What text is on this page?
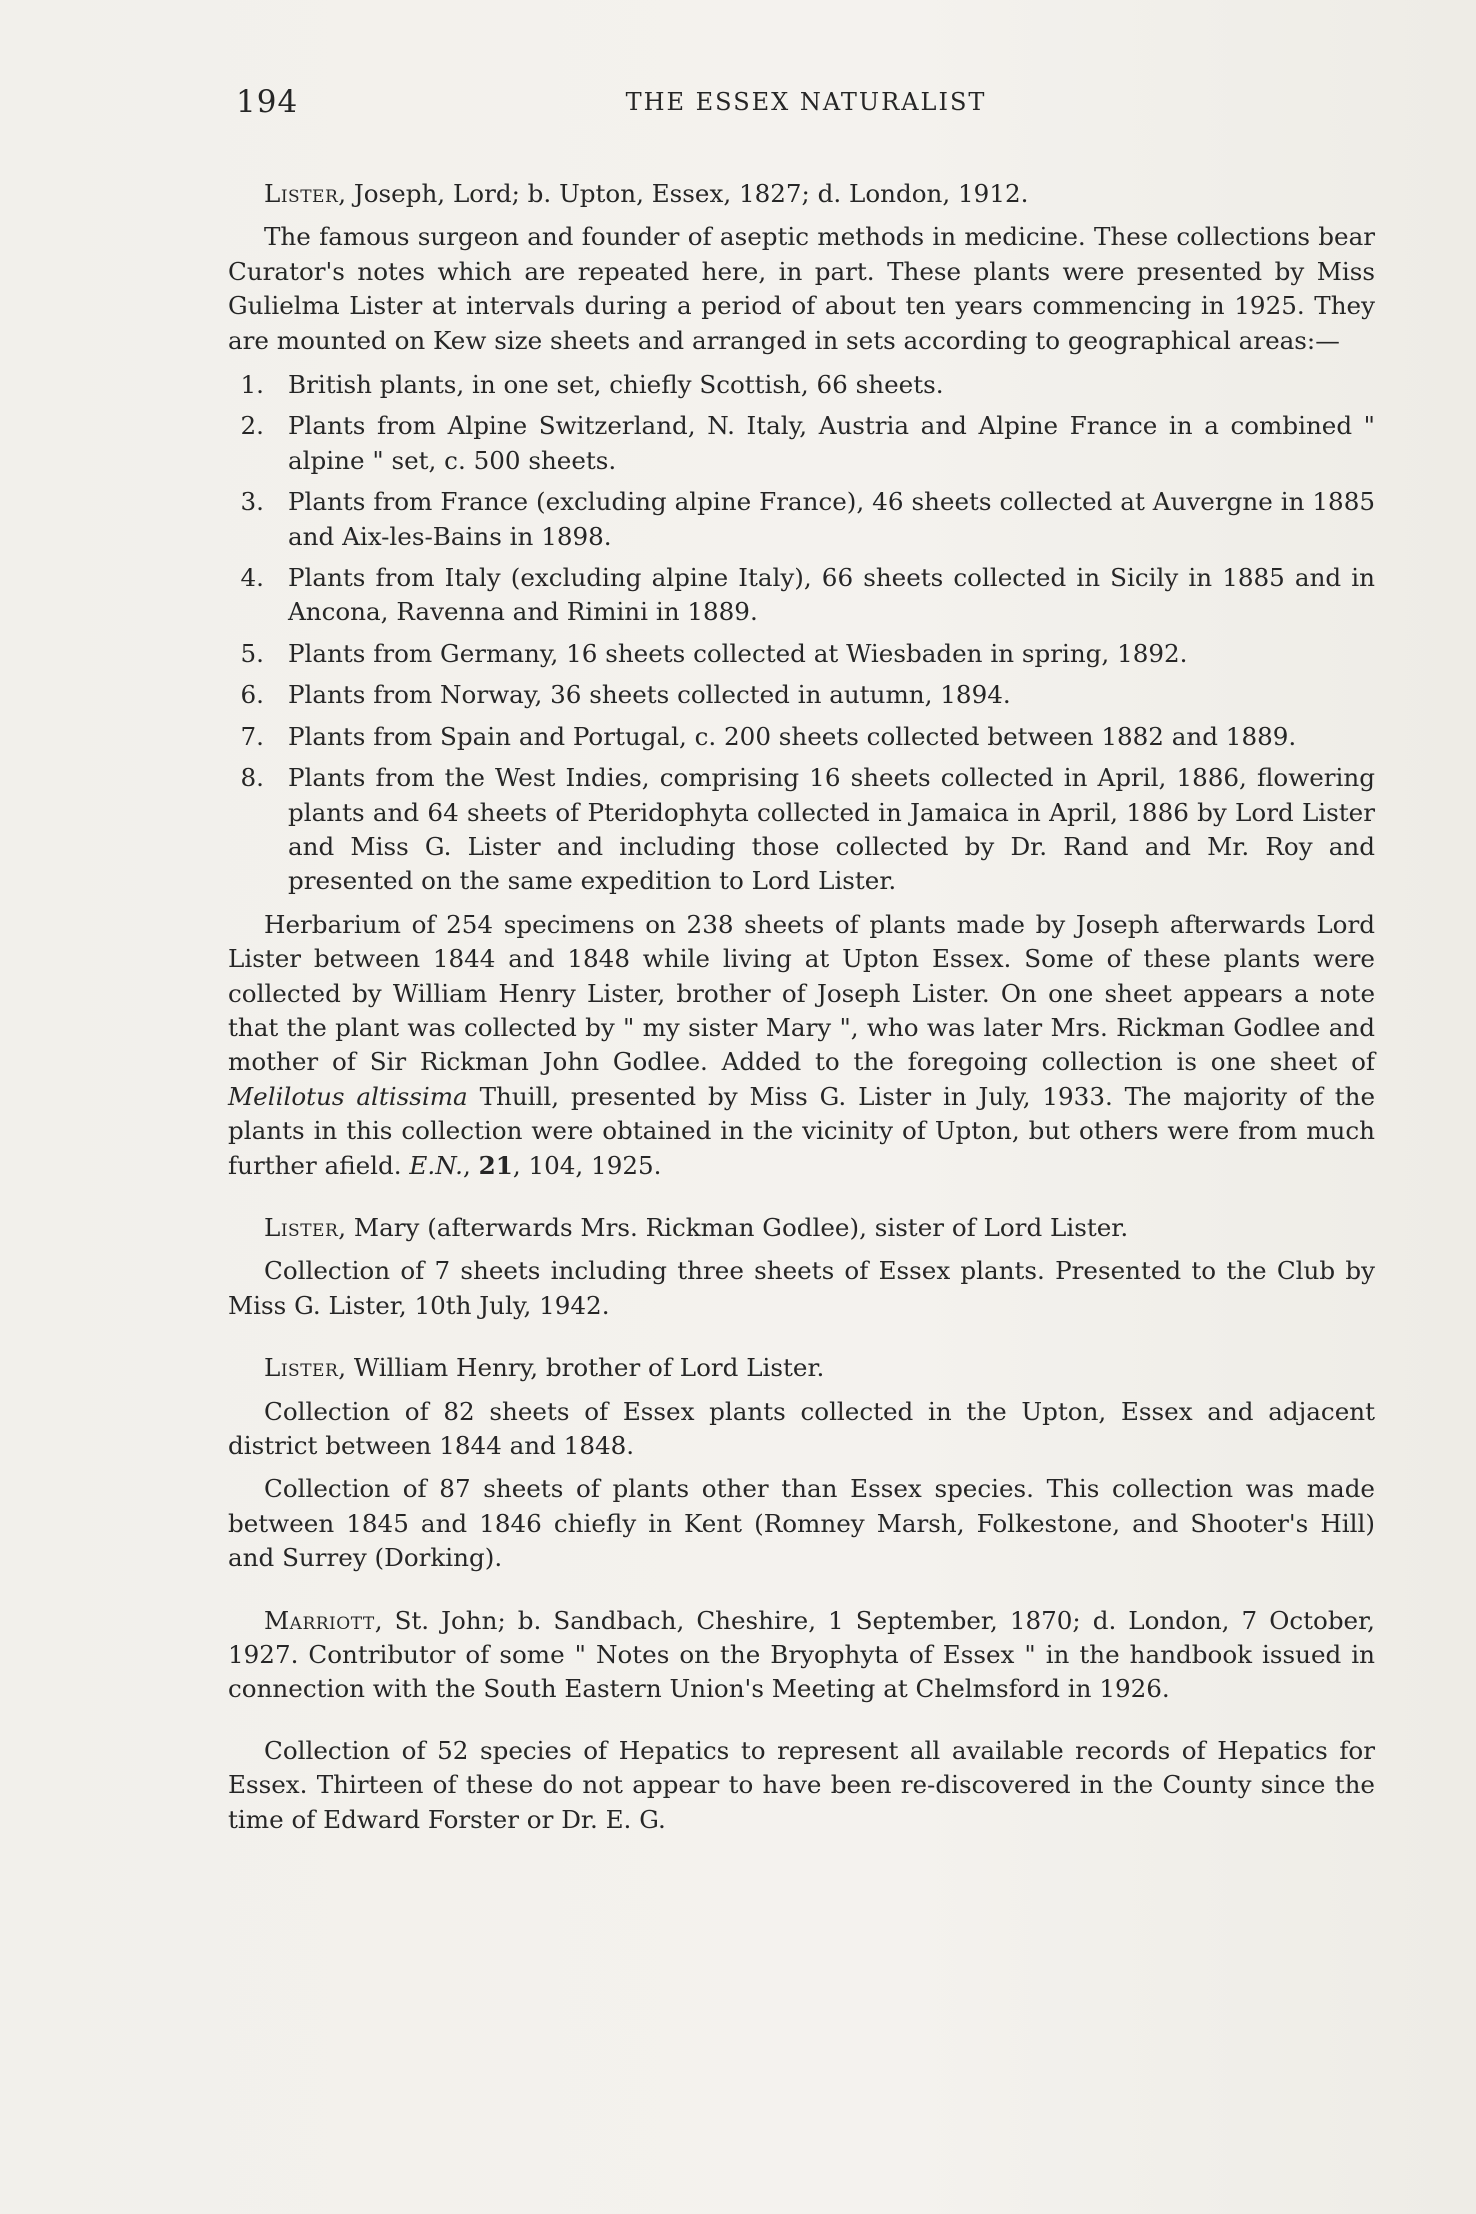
194	THE ESSEX NATURALIST

Lister, Joseph, Lord; b. Upton, Essex, 1827; d. London, 1912.

The famous surgeon and founder of aseptic methods in medicine. These collections bear Curator's notes which are repeated here, in part. These plants were presented by Miss Gulielma Lister at intervals during a period of about ten years commencing in 1925. They are mounted on Kew size sheets and arranged in sets according to geographical areas:—

1. British plants, in one set, chiefly Scottish, 66 sheets.
2. Plants from Alpine Switzerland, N. Italy, Austria and Alpine France in a combined " alpine " set, c. 500 sheets.
3. Plants from France (excluding alpine France), 46 sheets collected at Auvergne in 1885 and Aix-les-Bains in 1898.
4. Plants from Italy (excluding alpine Italy), 66 sheets collected in Sicily in 1885 and in Ancona, Ravenna and Rimini in 1889.
5. Plants from Germany, 16 sheets collected at Wiesbaden in spring, 1892.
6. Plants from Norway, 36 sheets collected in autumn, 1894.
7. Plants from Spain and Portugal, c. 200 sheets collected between 1882 and 1889.
8. Plants from the West Indies, comprising 16 sheets collected in April, 1886, flowering plants and 64 sheets of Pteridophyta collected in Jamaica in April, 1886 by Lord Lister and Miss G. Lister and including those collected by Dr. Rand and Mr. Roy and presented on the same expedition to Lord Lister.

Herbarium of 254 specimens on 238 sheets of plants made by Joseph afterwards Lord Lister between 1844 and 1848 while living at Upton Essex. Some of these plants were collected by William Henry Lister, brother of Joseph Lister. On one sheet appears a note that the plant was collected by " my sister Mary ", who was later Mrs. Rickman Godlee and mother of Sir Rickman John Godlee. Added to the foregoing collection is one sheet of Melilotus altissima Thuill, presented by Miss G. Lister in July, 1933. The majority of the plants in this collection were obtained in the vicinity of Upton, but others were from much further afield. E.N., 21, 104, 1925.

Lister, Mary (afterwards Mrs. Rickman Godlee), sister of Lord Lister.

Collection of 7 sheets including three sheets of Essex plants. Presented to the Club by Miss G. Lister, 10th July, 1942.

Lister, William Henry, brother of Lord Lister.

Collection of 82 sheets of Essex plants collected in the Upton, Essex and adjacent district between 1844 and 1848.

Collection of 87 sheets of plants other than Essex species. This collection was made between 1845 and 1846 chiefly in Kent (Romney Marsh, Folkestone, and Shooter's Hill) and Surrey (Dorking).

Marriott, St. John; b. Sandbach, Cheshire, 1 September, 1870; d. London, 7 October, 1927. Contributor of some " Notes on the Bryophyta of Essex " in the handbook issued in connection with the South Eastern Union's Meeting at Chelmsford in 1926.

Collection of 52 species of Hepatics to represent all available records of Hepatics for Essex. Thirteen of these do not appear to have been re-discovered in the County since the time of Edward Forster or Dr. E. G.
